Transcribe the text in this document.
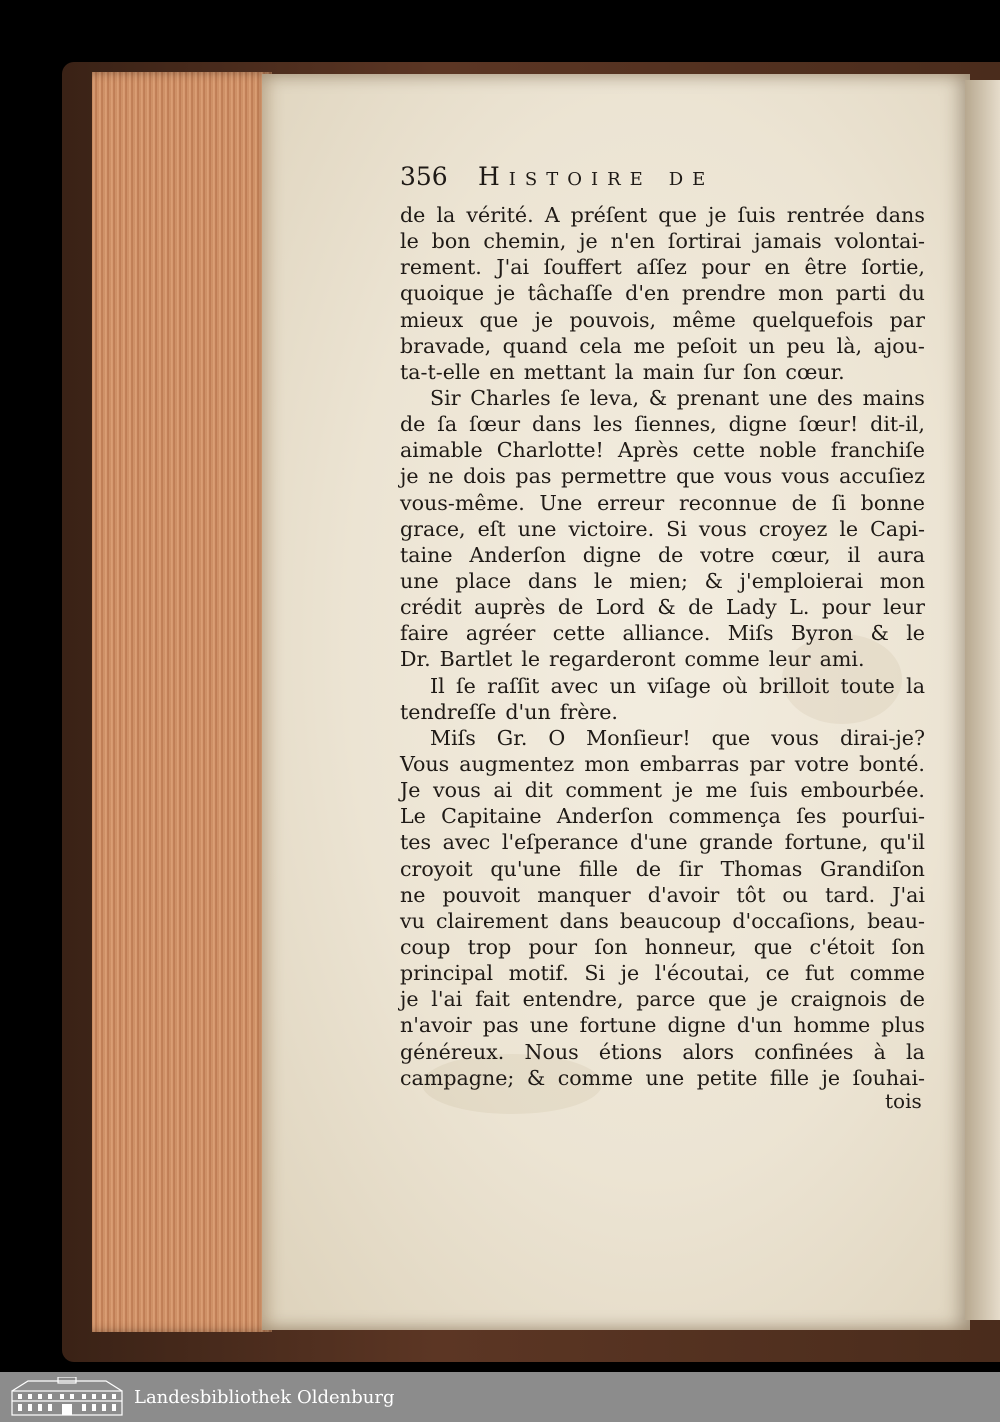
356	Histoire de
de la vérité. A préſent que je ſuis rentrée dans
le bon chemin, je n'en ſortirai jamais volontai-
rement. J'ai ſouffert aſſez pour en être ſortie,
quoique je tâchaſſe d'en prendre mon parti du
mieux que je pouvois, même quelquefois par
bravade, quand cela me peſoit un peu là, ajou-
ta-t-elle en mettant la main ſur ſon cœur.
Sir Charles ſe leva, & prenant une des mains
de ſa ſœur dans les ſiennes, digne ſœur! dit-il,
aimable Charlotte! Après cette noble franchiſe
je ne dois pas permettre que vous vous accuſiez
vous-même. Une erreur reconnue de ſi bonne
grace, eſt une victoire. Si vous croyez le Capi-
taine Anderſon digne de votre cœur, il aura
une place dans le mien; & j'emploierai mon
crédit auprès de Lord & de Lady L. pour leur
faire agréer cette alliance. Miſs Byron & le
Dr. Bartlet le regarderont comme leur ami.
Il ſe raſſit avec un viſage où brilloit toute la
tendreſſe d'un frère.
Miſs Gr. O Monſieur! que vous dirai-je?
Vous augmentez mon embarras par votre bonté.
Je vous ai dit comment je me ſuis embourbée.
Le Capitaine Anderſon commença ſes pourſui-
tes avec l'eſperance d'une grande fortune, qu'il
croyoit qu'une fille de ſir Thomas Grandiſon
ne pouvoit manquer d'avoir tôt ou tard. J'ai
vu clairement dans beaucoup d'occaſions, beau-
coup trop pour ſon honneur, que c'étoit ſon
principal motif. Si je l'écoutai, ce fut comme
je l'ai fait entendre, parce que je craignois de
n'avoir pas une fortune digne d'un homme plus
généreux. Nous étions alors confinées à la
campagne; & comme une petite fille je ſouhai-
tois
Landesbibliothek Oldenburg
